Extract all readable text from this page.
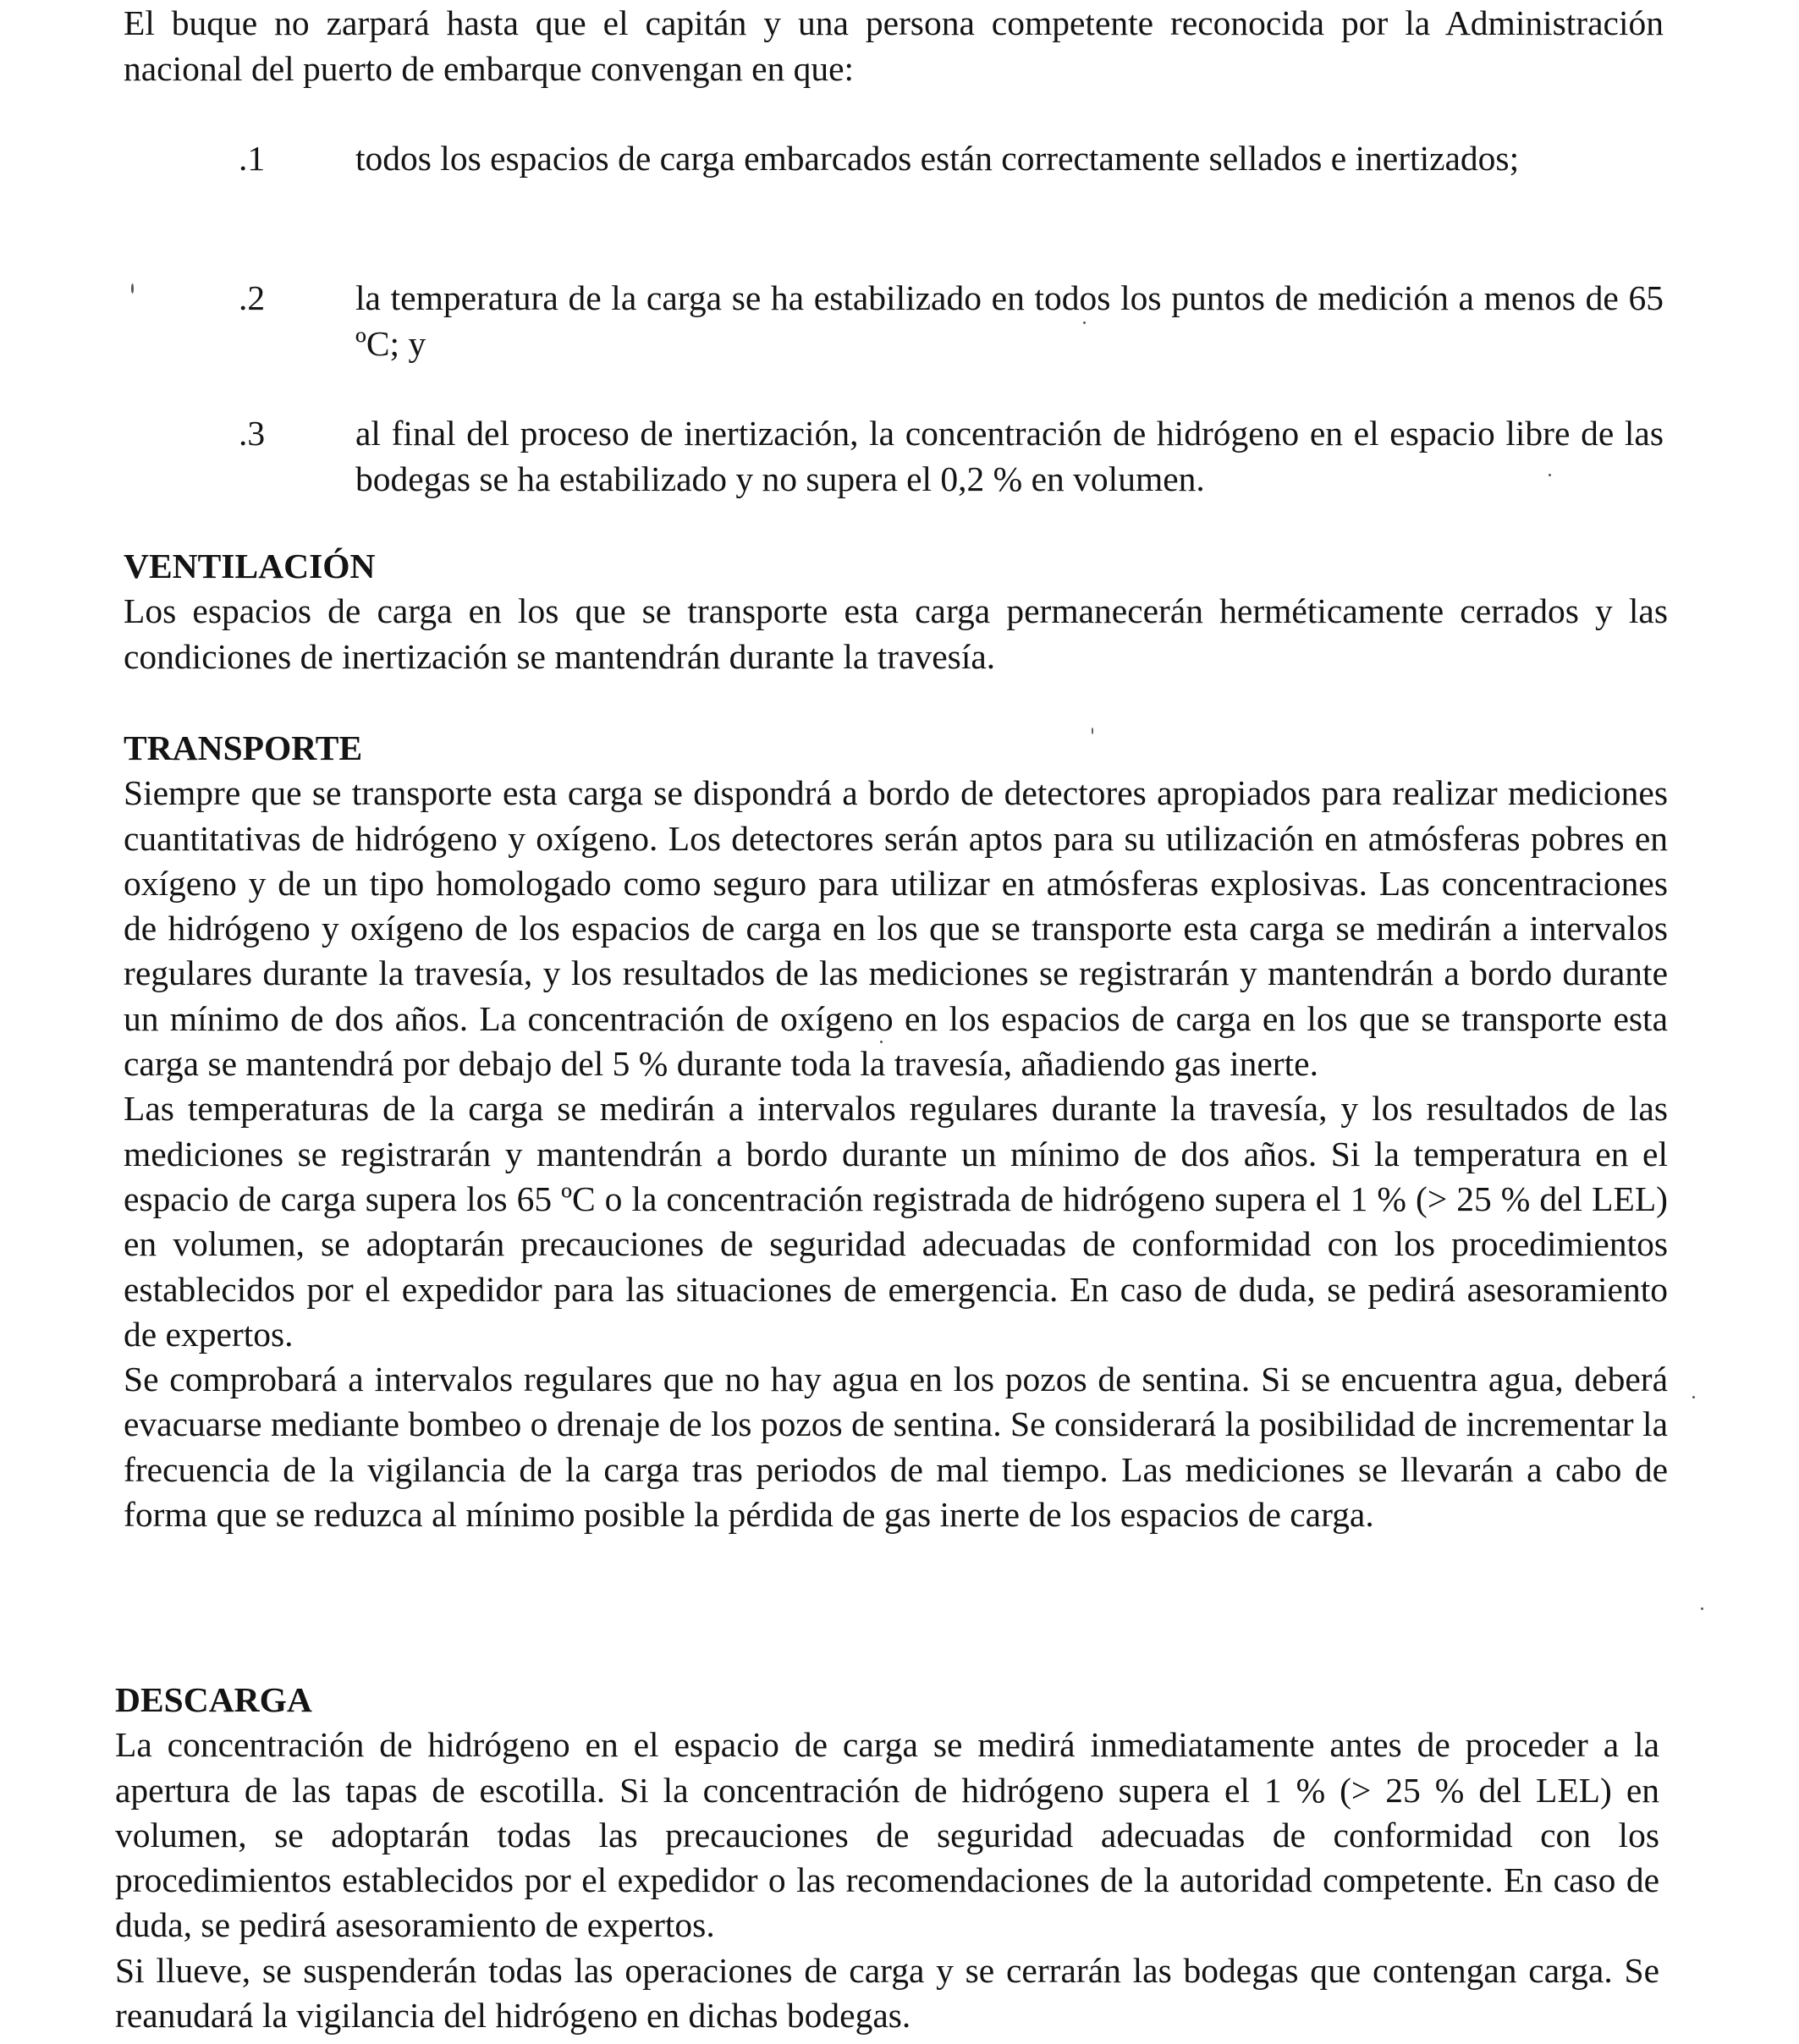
El buque no zarpará hasta que el capitán y una persona competente reconocida por la Administración nacional del puerto de embarque convengan en que:

.1	todos los espacios de carga embarcados están correctamente sellados e inertizados;
.2	la temperatura de la carga se ha estabilizado en todos los puntos de medición a menos de 65 ºC; y
.3	al final del proceso de inertización, la concentración de hidrógeno en el espacio libre de las bodegas se ha estabilizado y no supera el 0,2 % en volumen.
VENTILACIÓN

Los espacios de carga en los que se transporte esta carga permanecerán herméticamente cerrados y las condiciones de inertización se mantendrán durante la travesía.

TRANSPORTE

Siempre que se transporte esta carga se dispondrá a bordo de detectores apropiados para realizar mediciones cuantitativas de hidrógeno y oxígeno. Los detectores serán aptos para su utilización en atmósferas pobres en oxígeno y de un tipo homologado como seguro para utilizar en atmósferas explosivas. Las concentraciones de hidrógeno y oxígeno de los espacios de carga en los que se transporte esta carga se medirán a intervalos regulares durante la travesía, y los resultados de las mediciones se registrarán y mantendrán a bordo durante un mínimo de dos años. La concentración de oxígeno en los espacios de carga en los que se transporte esta carga se mantendrá por debajo del 5 % durante toda la travesía, añadiendo gas inerte.

Las temperaturas de la carga se medirán a intervalos regulares durante la travesía, y los resultados de las mediciones se registrarán y mantendrán a bordo durante un mínimo de dos años. Si la temperatura en el espacio de carga supera los 65 ºC o la concentración registrada de hidrógeno supera el 1 % (> 25 % del LEL) en volumen, se adoptarán precauciones de seguridad adecuadas de conformidad con los procedimientos establecidos por el expedidor para las situaciones de emergencia. En caso de duda, se pedirá asesoramiento de expertos.

Se comprobará a intervalos regulares que no hay agua en los pozos de sentina. Si se encuentra agua, deberá evacuarse mediante bombeo o drenaje de los pozos de sentina. Se considerará la posibilidad de incrementar la frecuencia de la vigilancia de la carga tras periodos de mal tiempo. Las mediciones se llevarán a cabo de forma que se reduzca al mínimo posible la pérdida de gas inerte de los espacios de carga.

DESCARGA

La concentración de hidrógeno en el espacio de carga se medirá inmediatamente antes de proceder a la apertura de las tapas de escotilla. Si la concentración de hidrógeno supera el 1 % (> 25 % del LEL) en volumen, se adoptarán todas las precauciones de seguridad adecuadas de conformidad con los procedimientos establecidos por el expedidor o las recomendaciones de la autoridad competente. En caso de duda, se pedirá asesoramiento de expertos.

Si llueve, se suspenderán todas las operaciones de carga y se cerrarán las bodegas que contengan carga. Se reanudará la vigilancia del hidrógeno en dichas bodegas.
